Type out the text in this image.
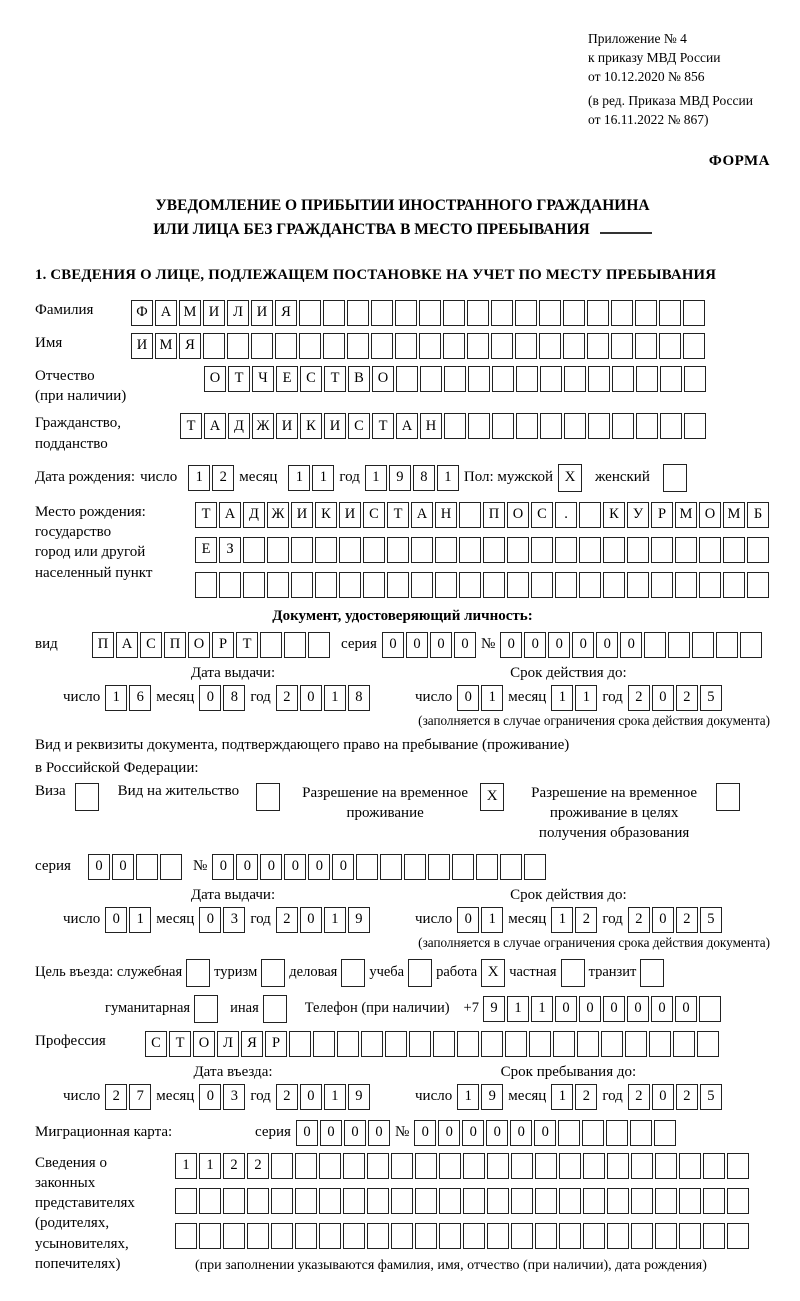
Приложение № 4
к приказу МВД России
от 10.12.2020 № 856
(в ред. Приказа МВД России
от 16.11.2022 № 867)
ФОРМА
УВЕДОМЛЕНИЕ О ПРИБЫТИИ ИНОСТРАННОГО ГРАЖДАНИНА
ИЛИ ЛИЦА БЕЗ ГРАЖДАНСТВА В МЕСТО ПРЕБЫВАНИЯ
1. СВЕДЕНИЯ О ЛИЦЕ, ПОДЛЕЖАЩЕМ ПОСТАНОВКЕ НА УЧЕТ ПО МЕСТУ ПРЕБЫВАНИЯ
Фамилия	Ф А М И Л И Я
Имя	И М Я
Отчество
(при наличии)
О Т	Ч	Е	С	Т	В О
Гражданство,
подданство
Т А Д Ж И К И С	Т А Н
Дата рождения: число	1	2 месяц	1	1 год 1	9	8	1 Пол: мужской X	женский
Место рождения:
государство
город или другой
населенный пункт
Т А Д Ж И К И С	Т А Н	П О С	.	К У	Р М О М Б
Е	З
Документ, удостоверяющий личность:
вид	П А С П О	Р	Т	серия 0	0	0	0 № 0	0	0	0	0	0
Дата выдачи:
число 1	6 месяц 0	8 год 2	0	1	8
Срок действия до:
число 0	1 месяц 1	1 год 2	0	2	5
(заполняется в случае ограничения срока действия документа)
Вид и реквизиты документа, подтверждающего право на пребывание (проживание)
в Российской Федерации:
Виза	Вид на жительство	Разрешение на временное проживание
X	Разрешение на временное проживание в целях получения образования
серия	0	0	№ 0	0	0	0	0	0
Дата выдачи:
число 0	1 месяц 0	3 год 2	0	1	9
Срок действия до:
число 0	1 месяц 1	2 год 2	0	2	5
(заполняется в случае ограничения срока действия документа)
Цель въезда: служебная туризм деловая учеба работа X частная транзит
гуманитарная	иная	Телефон (при наличии) +7 9	1	1	0	0	0	0	0	0
Профессия	С	Т О Л Я	Р
Дата въезда:
число 2	7 месяц 0	3 год 2	0	1	9
Срок пребывания до:
число 1	9 месяц 1	2 год 2	0	2	5
Миграционная карта:	серия 0	0	0	0 № 0	0	0	0	0	0
Сведения о
законных
представителях
(родителях,
усыновителях,
попечителях)
1	1	2	2
(при заполнении указываются фамилия, имя, отчество (при наличии), дата рождения)
